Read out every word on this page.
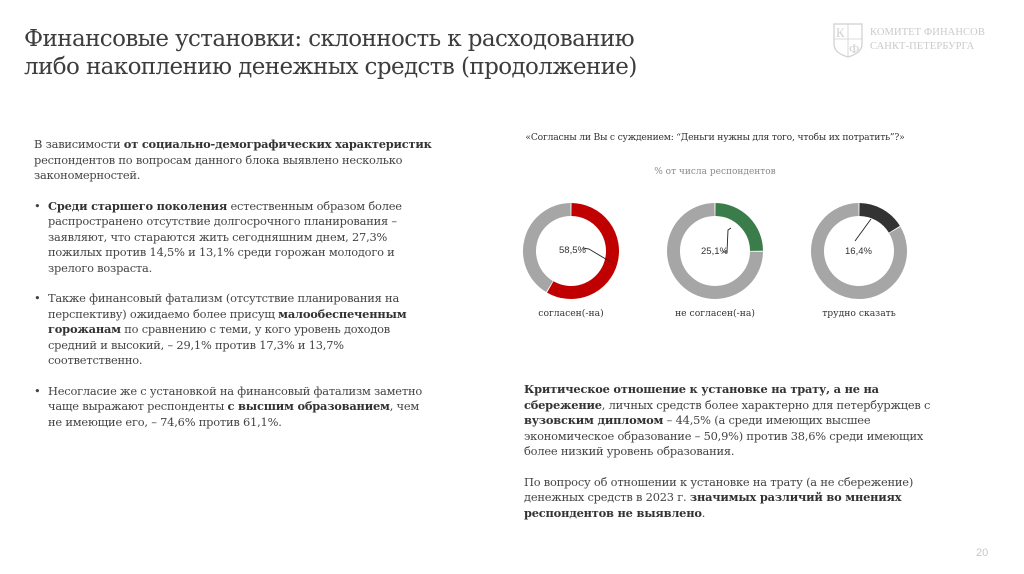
Финансовые установки: склонность к расходованию
либо накоплению денежных средств (продолжение)
К
Ф
КОМИТЕТ ФИНАНСОВ
САНКТ-ПЕТЕРБУРГА

В зависимости от социально-демографических характеристик респондентов по вопросам данного блока выявлено несколько закономерностей.

• Среди старшего поколения естественным образом более распространено отсутствие долгосрочного планирования – заявляют, что стараются жить сегодняшним днем, 27,3% пожилых против 14,5% и 13,1% среди горожан молодого и зрелого возраста.
• Также финансовый фатализм (отсутствие планирования на перспективу) ожидаемо более присущ малообеспеченным горожанам по сравнению с теми, у кого уровень доходов средний и высокий, – 29,1% против 17,3% и 13,7% соответственно.
• Несогласие же с установкой на финансовый фатализм заметно чаще выражают респонденты с высшим образованием, чем не имеющие его, – 74,6% против 61,1%.
«Согласны ли Вы с суждением: “Деньги нужны для того, чтобы их потратить”?»
% от числа респондентов
58,5%
согласен(-на)
25,1%
не согласен(-на)
16,4%
трудно сказать

Критическое отношение к установке на трату, а не на сбережение, личных средств более характерно для петербуржцев с вузовским дипломом – 44,5% (а среди имеющих высшее экономическое образование – 50,9%) против 38,6% среди имеющих более низкий уровень образования.

По вопросу об отношении к установке на трату (а не сбережение) денежных средств в 2023 г. значимых различий во мнениях респондентов не выявлено.

20
